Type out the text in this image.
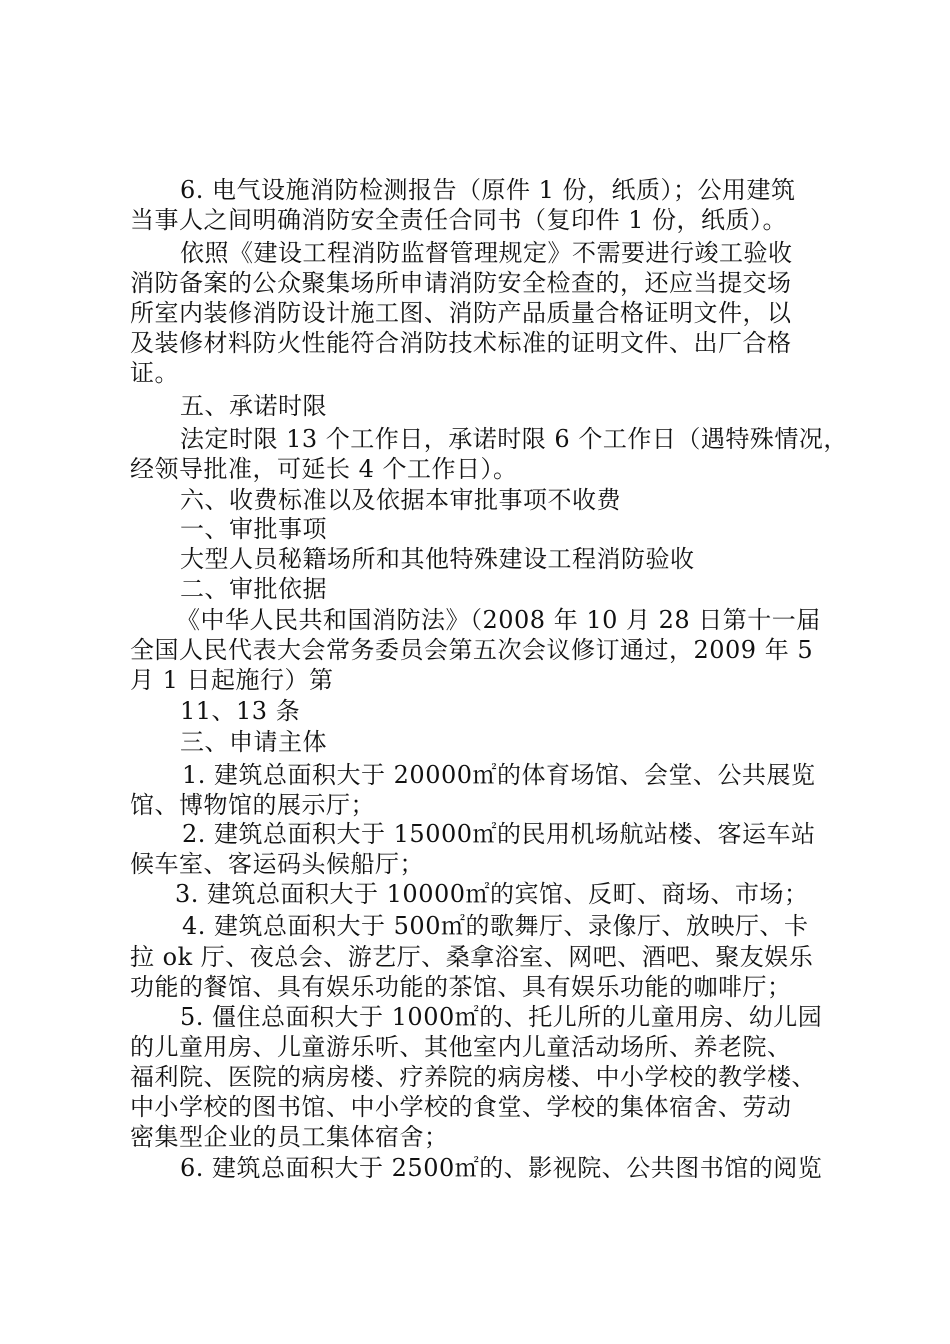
6. 电气设施消防检测报告（原件 1 份，纸质）；公用建筑
当事人之间明确消防安全责任合同书（复印件 1 份，纸质）。
依照《建设工程消防监督管理规定》不需要进行竣工验收
消防备案的公众聚集场所申请消防安全检查的，还应当提交场
所室内装修消防设计施工图、消防产品质量合格证明文件，以
及装修材料防火性能符合消防技术标准的证明文件、出厂合格
证。
五、承诺时限
法定时限 13 个工作日，承诺时限 6 个工作日（遇特殊情况，
经领导批准，可延长 4 个工作日）。
六、收费标准以及依据本审批事项不收费
一、审批事项
大型人员秘籍场所和其他特殊建设工程消防验收
二、审批依据
《中华人民共和国消防法》（2008 年 10 月 28 日第十一届
全国人民代表大会常务委员会第五次会议修订通过，2009 年 5
月 1 日起施行）第
11、13 条
三、申请主体
1. 建筑总面积大于 20000㎡的体育场馆、会堂、公共展览
馆、博物馆的展示厅；
2. 建筑总面积大于 15000㎡的民用机场航站楼、客运车站
候车室、客运码头候船厅；
3. 建筑总面积大于 10000㎡的宾馆、反町、商场、市场；
4. 建筑总面积大于 500㎡的歌舞厅、录像厅、放映厅、卡
拉 ok 厅、夜总会、游艺厅、桑拿浴室、网吧、酒吧、聚友娱乐
功能的餐馆、具有娱乐功能的茶馆、具有娱乐功能的咖啡厅；
5. 僵住总面积大于 1000㎡的、托儿所的儿童用房、幼儿园
的儿童用房、儿童游乐听、其他室内儿童活动场所、养老院、
福利院、医院的病房楼、疗养院的病房楼、中小学校的教学楼、
中小学校的图书馆、中小学校的食堂、学校的集体宿舍、劳动
密集型企业的员工集体宿舍；
6. 建筑总面积大于 2500㎡的、影视院、公共图书馆的阅览
